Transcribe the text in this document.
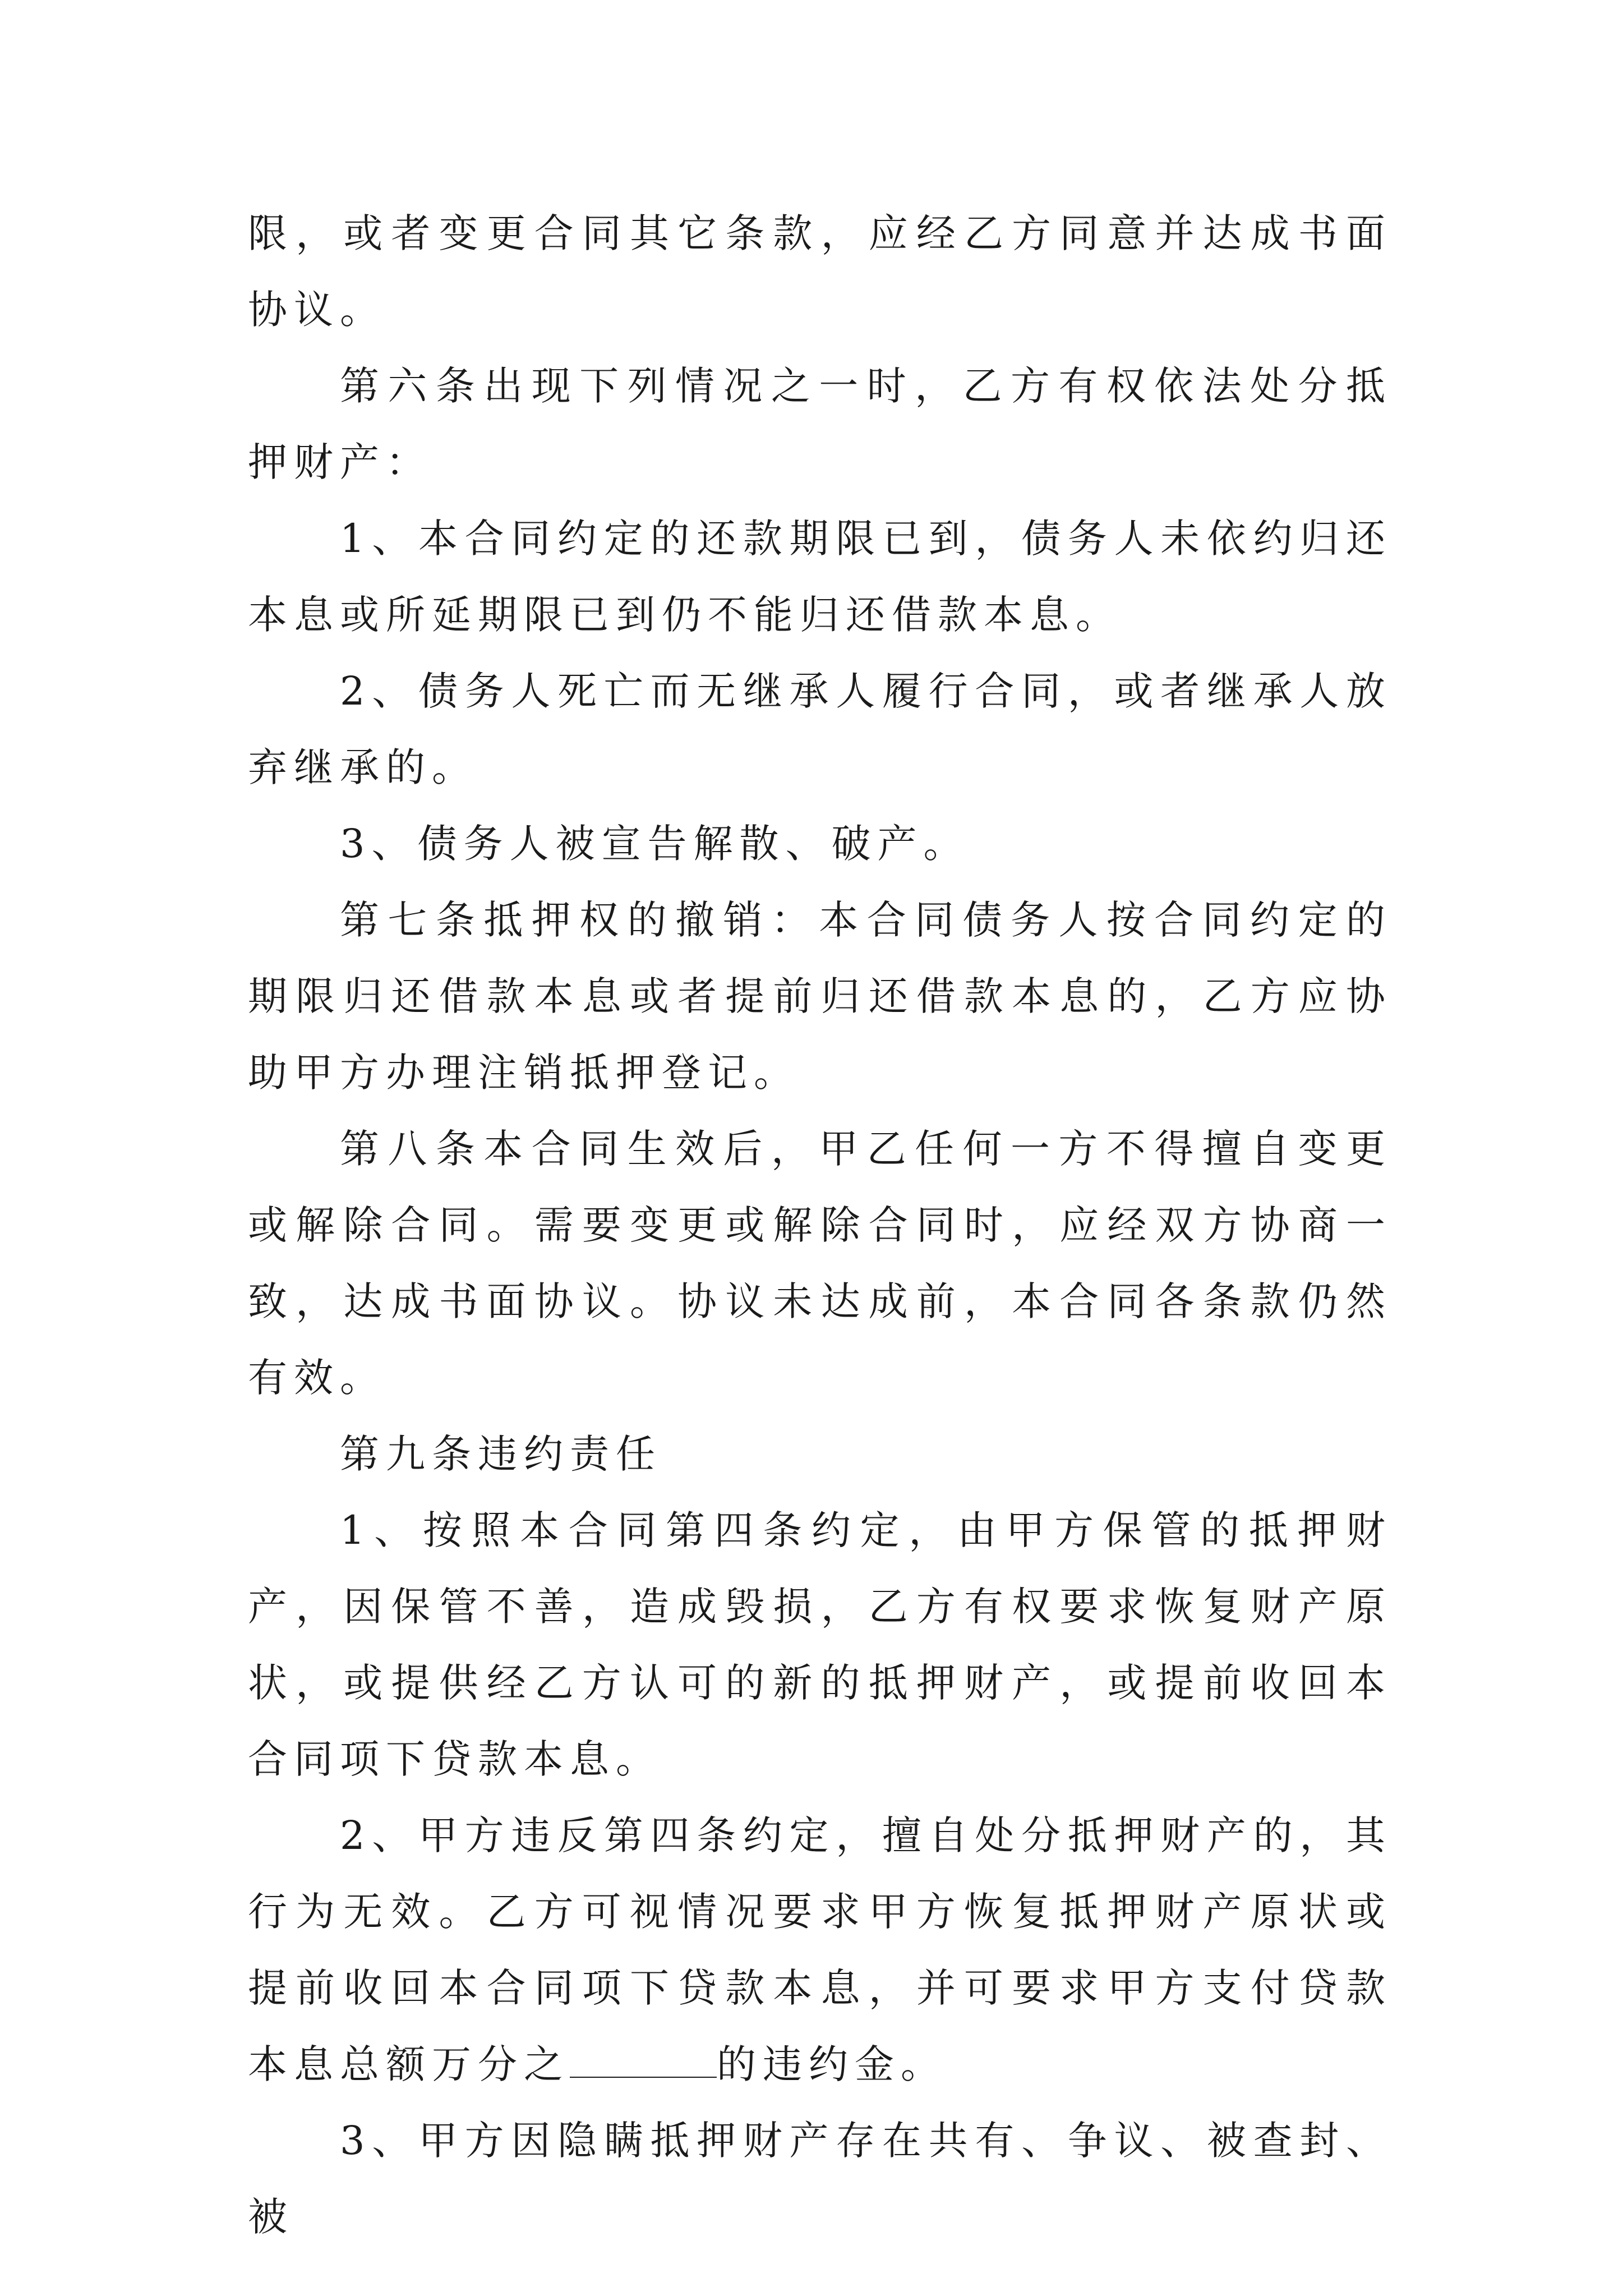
限，或者变更合同其它条款，应经乙方同意并达成书面协议。

第六条出现下列情况之一时，乙方有权依法处分抵押财产：

1、本合同约定的还款期限已到，债务人未依约归还本息或所延期限已到仍不能归还借款本息。

2、债务人死亡而无继承人履行合同，或者继承人放弃继承的。

3、债务人被宣告解散、破产。

第七条抵押权的撤销：本合同债务人按合同约定的期限归还借款本息或者提前归还借款本息的，乙方应协助甲方办理注销抵押登记。

第八条本合同生效后，甲乙任何一方不得擅自变更或解除合同。需要变更或解除合同时，应经双方协商一致，达成书面协议。协议未达成前，本合同各条款仍然有效。

第九条违约责任

1、按照本合同第四条约定，由甲方保管的抵押财产，因保管不善，造成毁损，乙方有权要求恢复财产原状，或提供经乙方认可的新的抵押财产，或提前收回本合同项下贷款本息。

2、甲方违反第四条约定，擅自处分抵押财产的，其行为无效。乙方可视情况要求甲方恢复抵押财产原状或提前收回本合同项下贷款本息，并可要求甲方支付贷款本息总额万分之	的违约金。

3、甲方因隐瞒抵押财产存在共有、争议、被查封、被
